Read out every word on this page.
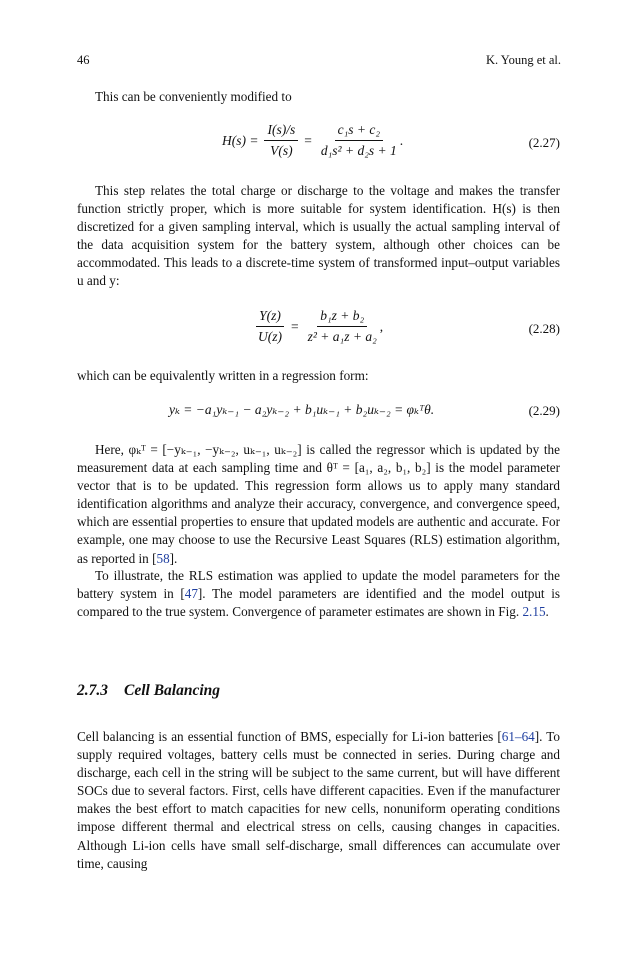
46	K. Young et al.
This can be conveniently modified to
$H(s) = \frac{I(s)/s}{V(s)} = \frac{\text{c₁s + c₂}}{\text{d₁s² + d₂s + 1}}$ .	(2.27)
This step relates the total charge or discharge to the voltage and makes the transfer function strictly proper, which is more suitable for system identification. H(s) is then discretized for a given sampling interval, which is usually the actual sampling interval of the data acquisition system for the battery system, although other choices can be accommodated. This leads to a discrete-time system of transformed input–output variables u and y:
$\frac{Y(z)}{U(z)} = \frac{\text{b₁z + b₂}}{\text{z² + a₁z + a₂}}$ ,	(2.28)
which can be equivalently written in a regression form:
yₖ = −a₁yₖ₋₁ − a₂yₖ₋₂ + b₁uₖ₋₁ + b₂uₖ₋₂ = φₖᵀθ.	(2.29)
Here, φₖᵀ = [−yₖ₋₁, −yₖ₋₂, uₖ₋₁, uₖ₋₂] is called the regressor which is updated by the measurement data at each sampling time and θᵀ = [a₁, a₂, b₁, b₂] is the model parameter vector that is to be updated. This regression form allows us to apply many standard identification algorithms and analyze their accuracy, convergence, and convergence speed, which are essential properties to ensure that updated models are authentic and accurate. For example, one may choose to use the Recursive Least Squares (RLS) estimation algorithm, as reported in [58].
To illustrate, the RLS estimation was applied to update the model parameters for the battery system in [47]. The model parameters are identified and the model output is compared to the true system. Convergence of parameter estimates are shown in Fig. 2.15.
2.7.3 Cell Balancing
Cell balancing is an essential function of BMS, especially for Li-ion batteries [61–64]. To supply required voltages, battery cells must be connected in series. During charge and discharge, each cell in the string will be subject to the same current, but will have different SOCs due to several factors. First, cells have different capacities. Even if the manufacturer makes the best effort to match capacities for new cells, nonuniform operating conditions impose different thermal and electrical stress on cells, causing changes in capacities. Although Li-ion cells have small self-discharge, small differences can accumulate over time, causing
